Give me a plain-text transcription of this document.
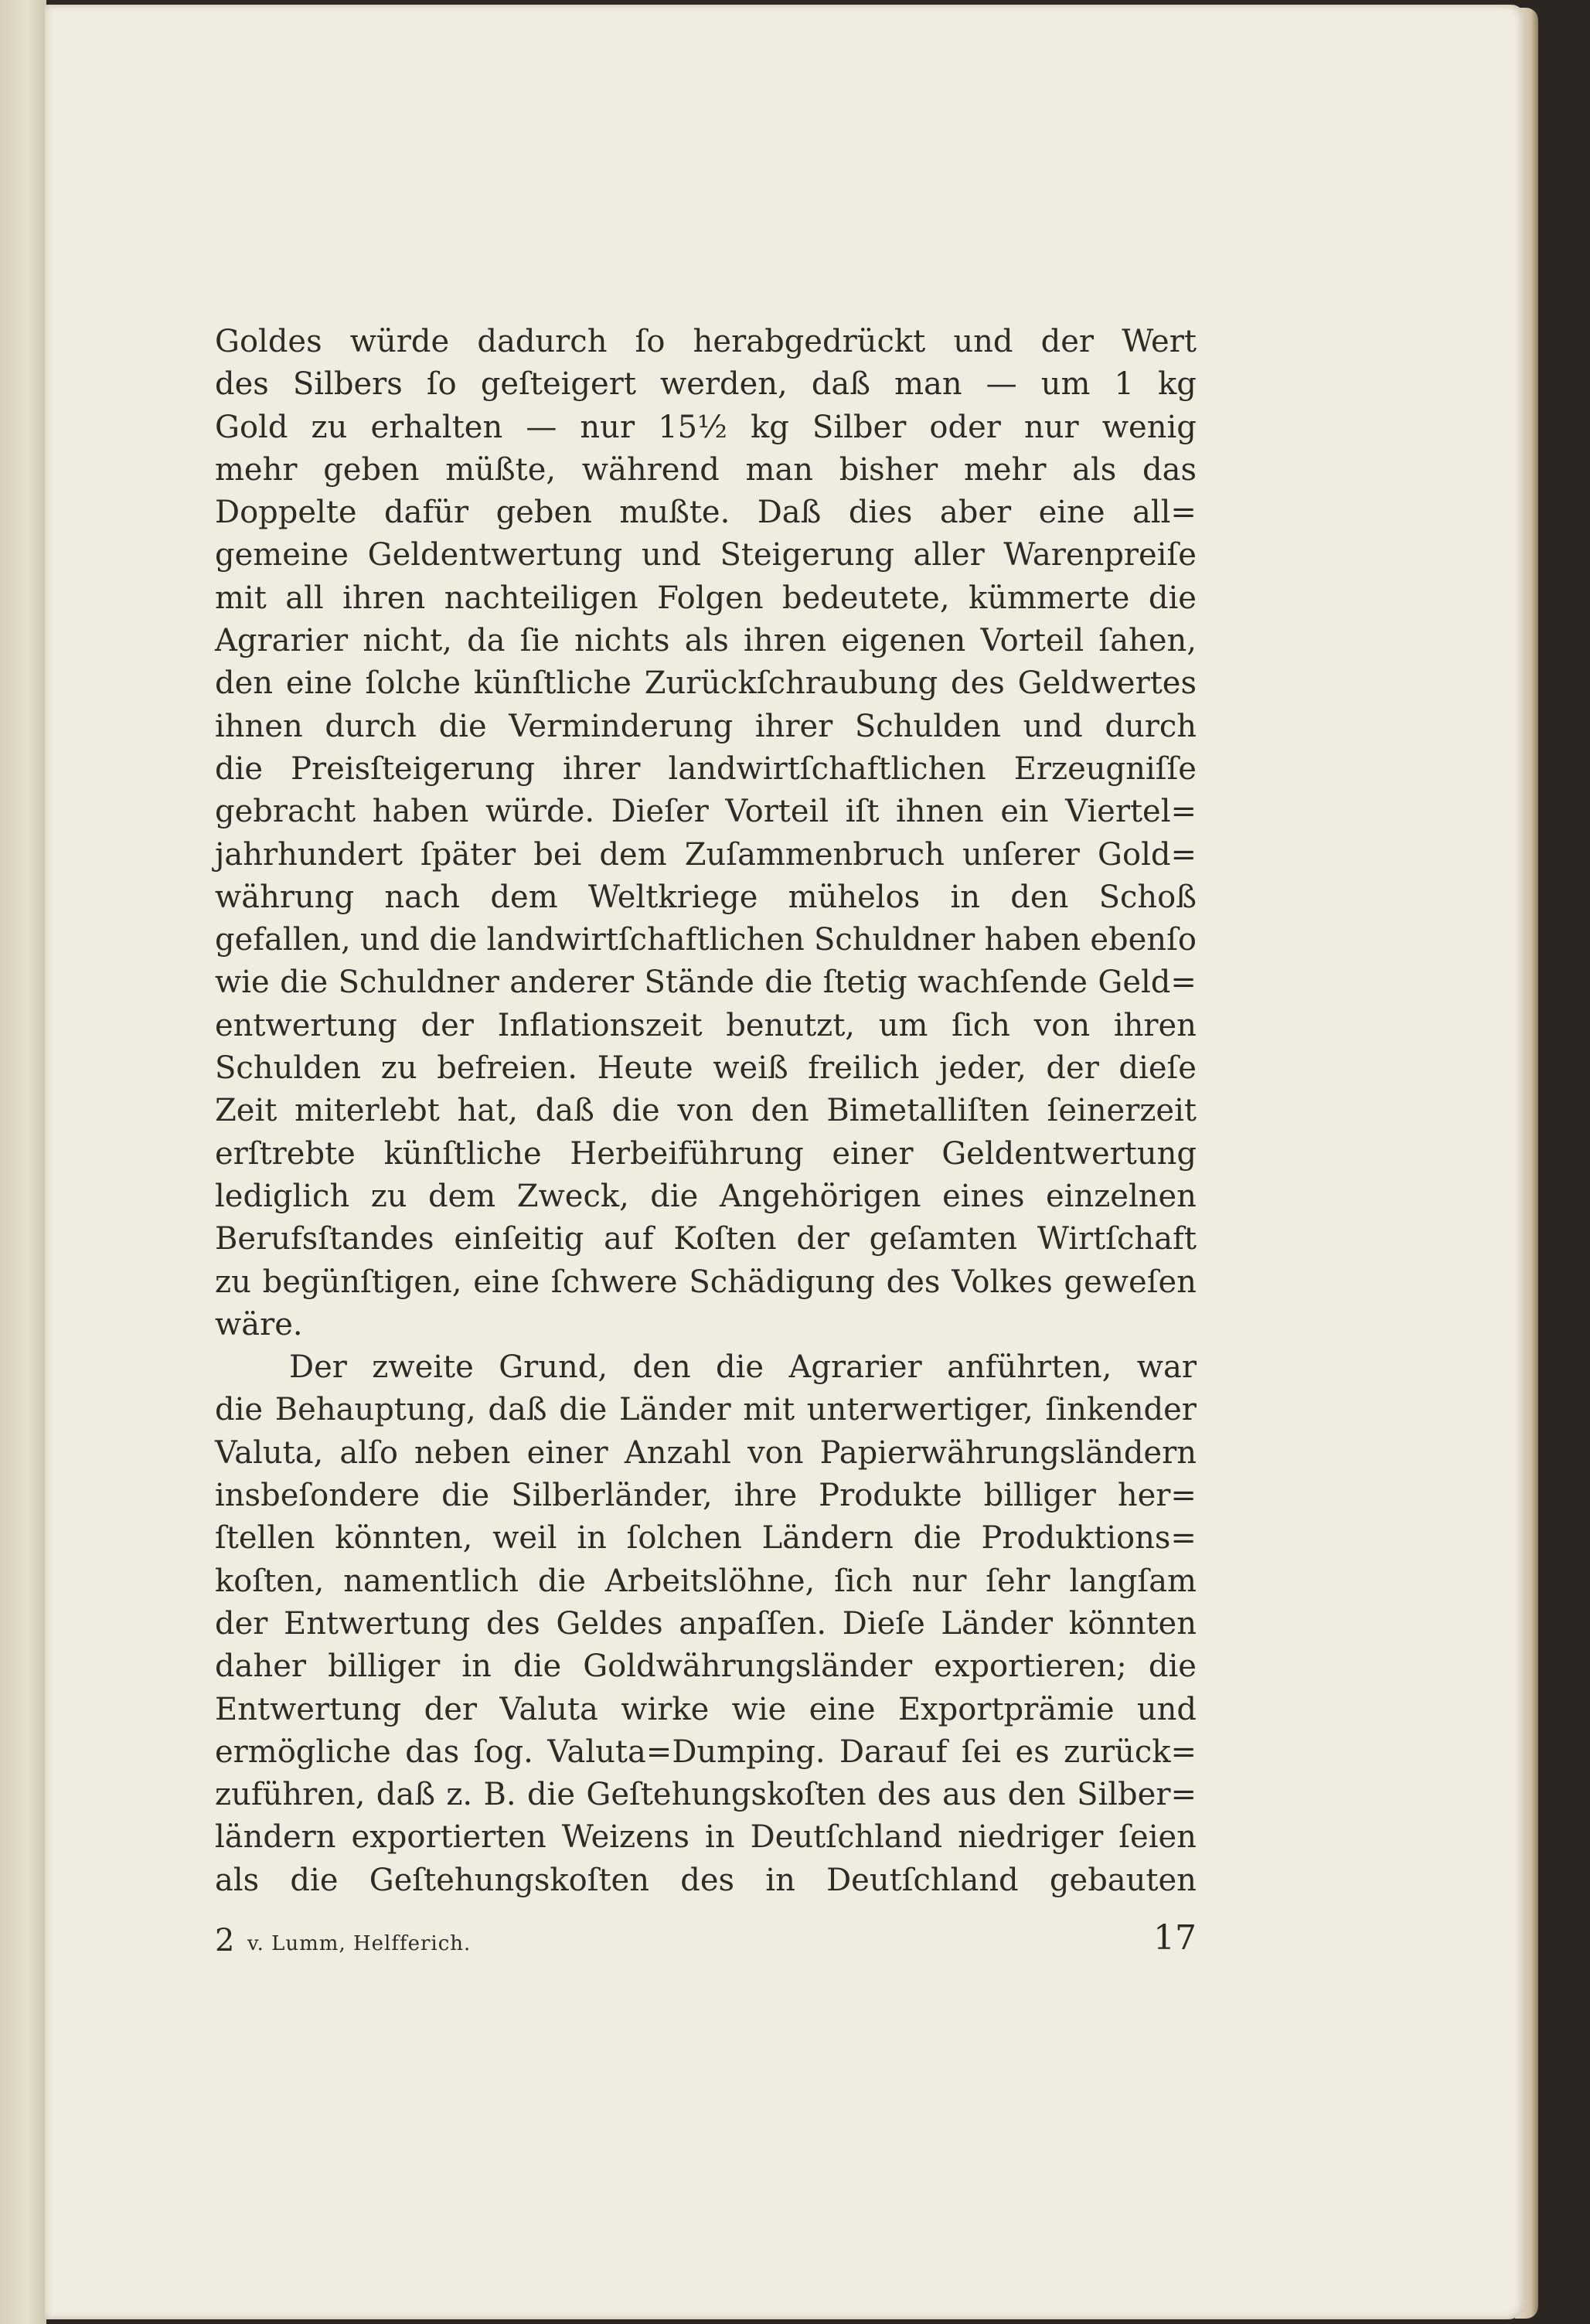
Goldes würde dadurch ſo herabgedrückt und der Wert
des Silbers ſo geſteigert werden, daß man — um 1 kg
Gold zu erhalten — nur 15½ kg Silber oder nur wenig
mehr geben müßte, während man bisher mehr als das
Doppelte dafür geben mußte. Daß dies aber eine all=
gemeine Geldentwertung und Steigerung aller Warenpreiſe
mit all ihren nachteiligen Folgen bedeutete, kümmerte die
Agrarier nicht, da ſie nichts als ihren eigenen Vorteil ſahen,
den eine ſolche künſtliche Zurückſchraubung des Geldwertes
ihnen durch die Verminderung ihrer Schulden und durch
die Preisſteigerung ihrer landwirtſchaftlichen Erzeugniſſe
gebracht haben würde. Dieſer Vorteil iſt ihnen ein Viertel=
jahrhundert ſpäter bei dem Zuſammenbruch unſerer Gold=
währung nach dem Weltkriege mühelos in den Schoß
gefallen, und die landwirtſchaftlichen Schuldner haben ebenſo
wie die Schuldner anderer Stände die ſtetig wachſende Geld=
entwertung der Inflationszeit benutzt, um ſich von ihren
Schulden zu befreien. Heute weiß freilich jeder, der dieſe
Zeit miterlebt hat, daß die von den Bimetalliſten ſeinerzeit
erſtrebte künſtliche Herbeiführung einer Geldentwertung
lediglich zu dem Zweck, die Angehörigen eines einzelnen
Berufsſtandes einſeitig auf Koſten der geſamten Wirtſchaft
zu begünſtigen, eine ſchwere Schädigung des Volkes geweſen
wäre.
Der zweite Grund, den die Agrarier anführten, war
die Behauptung, daß die Länder mit unterwertiger, ſinkender
Valuta, alſo neben einer Anzahl von Papierwährungsländern
insbeſondere die Silberländer, ihre Produkte billiger her=
ſtellen könnten, weil in ſolchen Ländern die Produktions=
koſten, namentlich die Arbeitslöhne, ſich nur ſehr langſam
der Entwertung des Geldes anpaſſen. Dieſe Länder könnten
daher billiger in die Goldwährungsländer exportieren; die
Entwertung der Valuta wirke wie eine Exportprämie und
ermögliche das ſog. Valuta=Dumping. Darauf ſei es zurück=
zuführen, daß z. B. die Geſtehungskoſten des aus den Silber=
ländern exportierten Weizens in Deutſchland niedriger ſeien
als die Geſtehungskoſten des in Deutſchland gebauten
2 v. Lumm, Helfferich.	17
